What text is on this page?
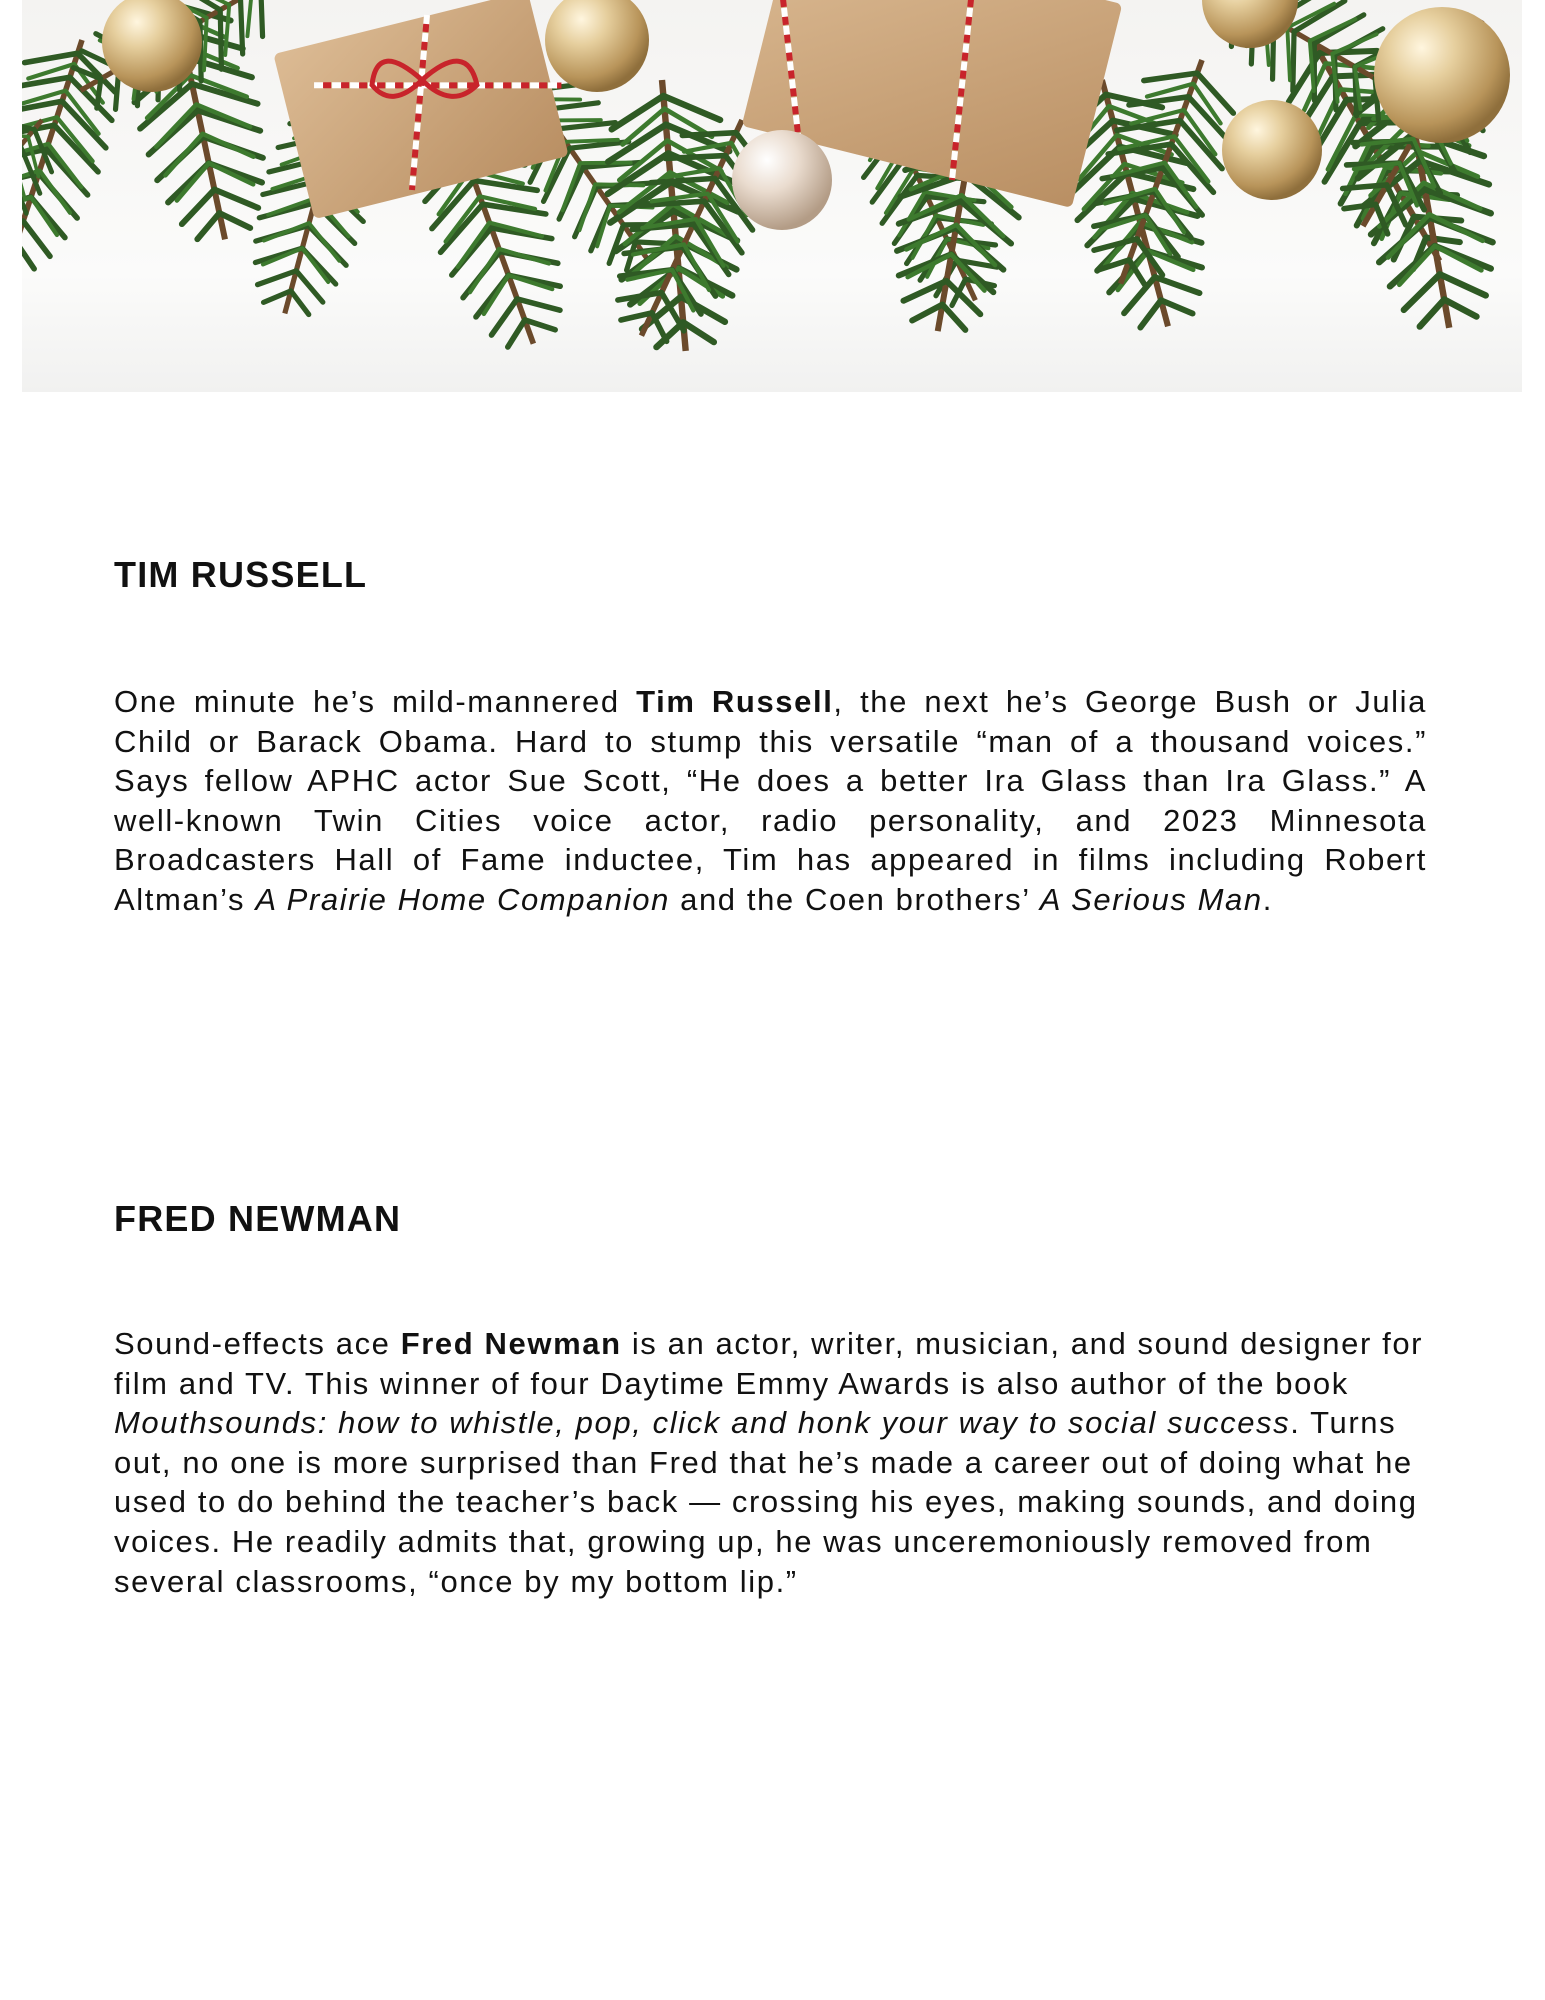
TIM RUSSELL

One minute he’s mild-mannered Tim Russell, the next he’s George Bush or Julia Child or Barack Obama. Hard to stump this versatile “man of a thousand voices.” Says fellow APHC actor Sue Scott, “He does a better Ira Glass than Ira Glass.” A well-known Twin Cities voice actor, radio personality, and 2023 Minnesota Broadcasters Hall of Fame inductee, Tim has appeared in films including Robert Altman’s A Prairie Home Companion and the Coen brothers’ A Serious Man.

FRED NEWMAN

Sound-effects ace Fred Newman is an actor, writer, musician, and sound designer for film and TV. This winner of four Daytime Emmy Awards is also author of the book Mouthsounds: how to whistle, pop, click and honk your way to social success. Turns out, no one is more surprised than Fred that he’s made a career out of doing what he used to do behind the teacher’s back — crossing his eyes, making sounds, and doing voices. He readily admits that, growing up, he was unceremoniously removed from several classrooms, “once by my bottom lip.”
